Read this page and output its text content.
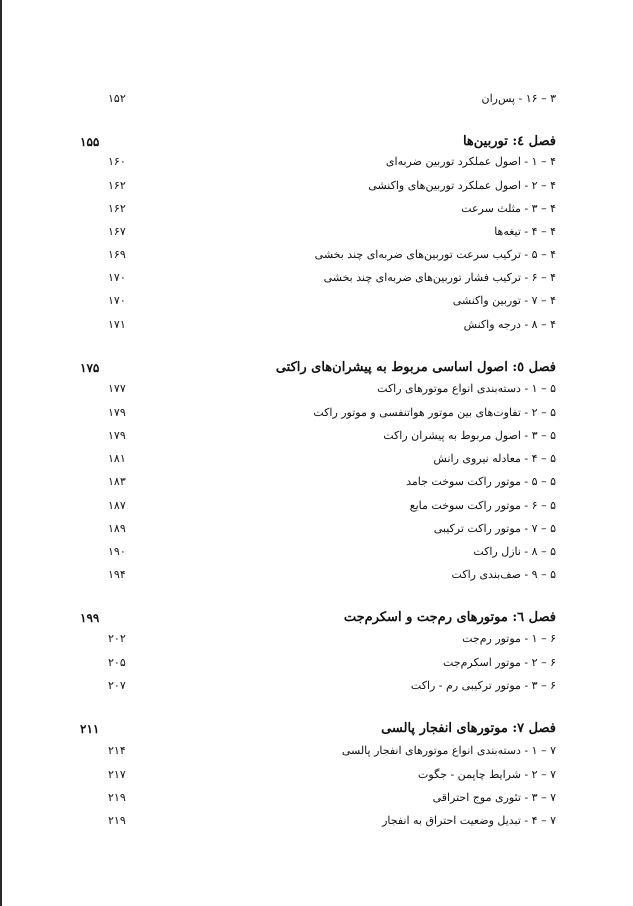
۳ – ۱۶ - پس‌ران
۱۵۲
فصل ٤: توربین‌ها
۱۵۵
۴ – ۱ - اصول عملکرد توربین ضربه‌ای
۱۶۰
۴ – ۲ - اصول عملکرد توربین‌های واکنشی
۱۶۲
۴ – ۳ - مثلث سرعت
۱۶۲
۴ – ۴ - تیغه‌ها
۱۶۷
۴ – ۵ - ترکیب سرعت توربین‌های ضربه‌ای چند بخشی
۱۶۹
۴ – ۶ - ترکیب فشار توربین‌های ضربه‌ای چند بخشی
۱۷۰
۴ – ۷ - توربین واکنشی
۱۷۰
۴ – ۸ - درجه واکنش
۱۷۱
فصل ٥: اصول اساسی مربوط به پیشران‌های راکتی
۱۷۵
۵ – ۱ - دسته‌بندی انواع موتورهای راکت
۱۷۷
۵ – ۲ - تفاوت‌های بین موتور هوا‌تنفسی و موتور راکت
۱۷۹
۵ – ۳ - اصول مربوط به پیشران راکت
۱۷۹
۵ – ۴ - معادله نیروی رانش
۱۸۱
۵ – ۵ - موتور راکت سوخت جامد
۱۸۳
۵ – ۶ - موتور راکت سوخت مایع
۱۸۷
۵ – ۷ - موتور راکت ترکیبی
۱۸۹
۵ – ۸ - نازل راکت
۱۹۰
۵ – ۹ - صف‌بندی راکت
۱۹۴
فصل ٦: موتورهای رم‌جت و اسکرم‌جت
۱۹۹
۶ – ۱ - موتور رم‌جت
۲۰۲
۶ – ۲ - موتور اسکرم‌جت
۲۰۵
۶ – ۳ - موتور ترکیبی رم - راکت
۲۰۷
فصل ٧: موتورهای انفجار پالسی
۲۱۱
۷ – ۱ - دسته‌بندی انواع موتورهای انفجار پالسی
۲۱۴
۷ – ۲ - شرایط چاپمن - جگوت
۲۱۷
۷ – ۳ - تئوری موج احتراقی
۲۱۹
۷ – ۴ - تبدیل وضعیت احتراق به انفجار
۲۱۹
